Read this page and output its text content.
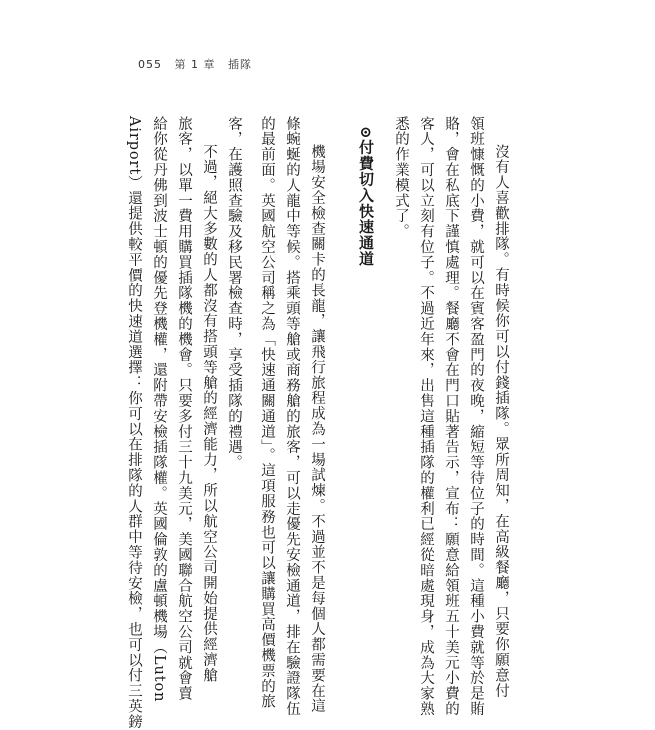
055 第 1 章 插隊
沒有人喜歡排隊。有時候你可以付錢插隊。眾所周知，在高級餐廳，只要你願意付
領班慷慨的小費，就可以在賓客盈門的夜晚，縮短等待位子的時間。這種小費就等於是賄
賂，會在私底下謹慎處理。餐廳不會在門口貼著告示，宣布：願意給領班五十美元小費的
客人，可以立刻有位子。不過近年來，出售這種插隊的權利已經從暗處現身，成為大家熟
悉的作業模式了。
⊙付費切入快速通道
機場安全檢查關卡的長龍，讓飛行旅程成為一場試煉。不過並不是每個人都需要在這
條蜿蜒的人龍中等候。搭乘頭等艙或商務艙的旅客，可以走優先安檢通道，排在驗證隊伍
的最前面。英國航空公司稱之為「快速通關通道」。這項服務也可以讓購買高價機票的旅
客，在護照查驗及移民署檢查時，享受插隊的禮遇。
不過，絕大多數的人都沒有搭頭等艙的經濟能力，所以航空公司開始提供經濟艙
旅客，以單一費用購買插隊機的機會。只要多付三十九美元，美國聯合航空公司就會賣
給你從丹佛到波士頓的優先登機權，還附帶安檢插隊權。英國倫敦的盧頓機場（Luton
Airport）還提供較平價的快速道選擇：你可以在排隊的人群中等待安檢，也可以付三英鎊
